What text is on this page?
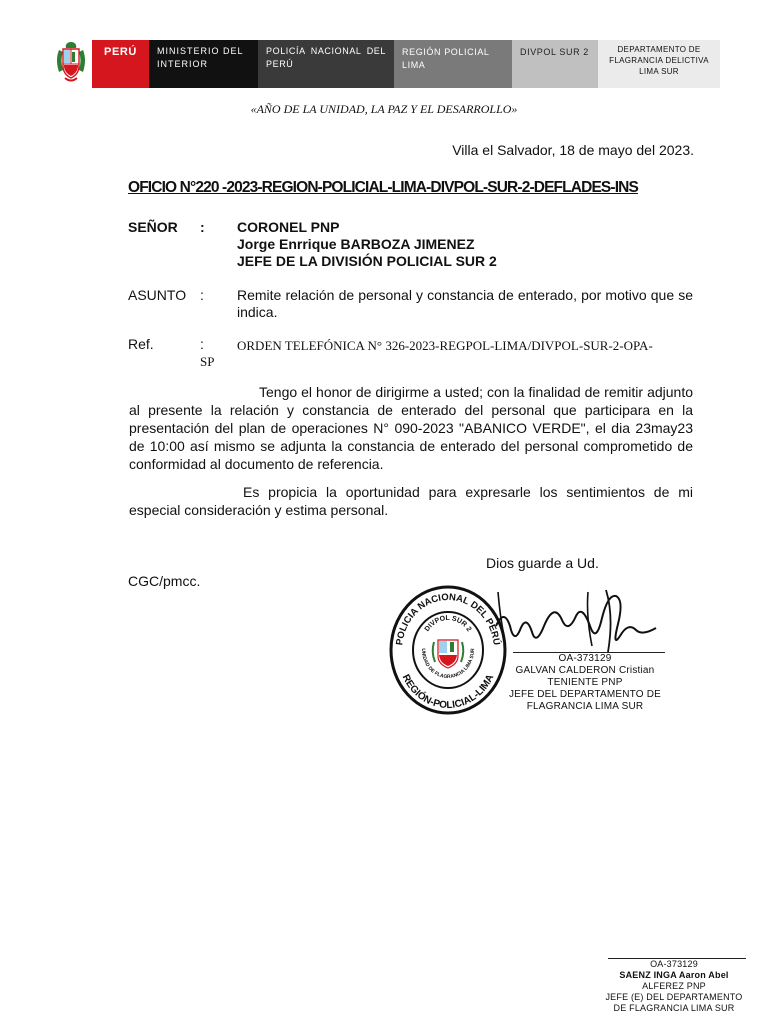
PERÚ	MINISTERIO DEL INTERIOR
POLICÍA NACIONAL DEL PERÚ
REGIÓN POLICIAL LIMA
DIVPOL SUR 2	DEPARTAMENTO DE FLAGRANCIA DELICTIVA LIMA SUR
«AÑO DE LA UNIDAD, LA PAZ Y EL DESARROLLO»
Villa el Salvador, 18 de mayo del 2023.
OFICIO N°220 -2023-REGION-POLICIAL-LIMA-DIVPOL-SUR-2-DEFLADES-INS
SEÑOR : CORONEL PNP
Jorge Enrrique BARBOZA JIMENEZ
JEFE DE LA DIVISIÓN POLICIAL SUR 2
ASUNTO : Remite relación de personal y constancia de enterado, por motivo que se indica.
Ref.	:	ORDEN TELEFÓNICA N° 326-2023-REGPOL-LIMA/DIVPOL-SUR-2-OPA-
SP
Tengo el honor de dirigirme a usted; con la finalidad de remitir adjunto al presente la relación y constancia de enterado del personal que participara en la presentación del plan de operaciones N° 090-2023 "ABANICO VERDE", el dia 23may23 de 10:00 así mismo se adjunta la constancia de enterado del personal comprometido de conformidad al documento de referencia.
Es propicia la oportunidad para expresarle los sentimientos de mi especial consideración y estima personal.
Dios guarde a Ud.
CGC/pmcc.
POLICIA NACIONAL DEL PERÚ
REGIÓN-POLICIAL-LIMA
DIVPOL SUR 2
UNIDAD DE FLAGRANCIA LIMA SUR
OA-373129
GALVAN CALDERON Cristian
TENIENTE PNP
JEFE DEL DEPARTAMENTO DE
FLAGRANCIA LIMA SUR
OA-373129
SAENZ INGA Aaron Abel
ALFEREZ PNP
JEFE (E) DEL DEPARTAMENTO
DE FLAGRANCIA LIMA SUR
